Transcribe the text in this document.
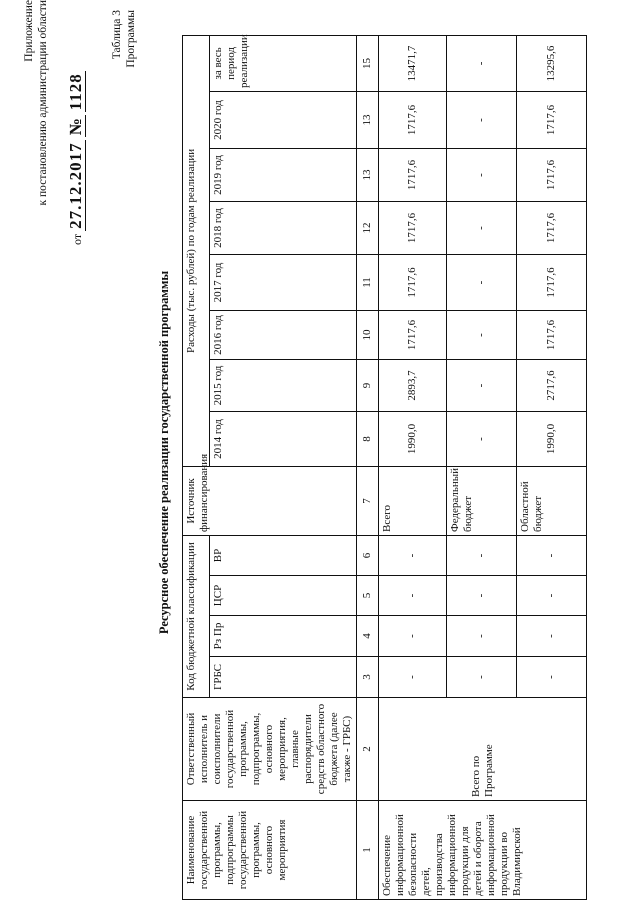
Приложение к постановлению администрации области
от 27.12.2017 № 1128
Таблица 3 Программы
Ресурсное обеспечение реализации государственной программы
Наименование государственной программы, подпрограммы государственной программы, основного мероприятия	Ответственный исполнитель и соисполнители государственной программы, подпрограммы, основного мероприятия, главные распорядители средств областного бюджета (далее также - ГРБС)	Код бюджетной классификации				Источник финансирования	Расходы (тыс. рублей) по годам реализации							
		ГРБС	Рз Пр	ЦСР	ВР		2014 год	2015 год	2016 год	2017 год	2018 год	2019 год	2020 год	за весь период реализации

1	2	3	4	5	6	7	8	9	10	11	12	13	13	15
Обеспечение информационной безопасности детей, производства информационной продукции для детей и оборота информационной продукции во Владимирской	Всего по Программе	-	-	-	-	Всего	1990,0	2893,7	1717,6	1717,6	1717,6	1717,6	1717,6	13471,7
		-	-	-	-	Федеральный бюджет	-	-	-	-	-	-	-	-
		-	-	-	-	Областной бюджет	1990,0	2717,6	1717,6	1717,6	1717,6	1717,6	1717,6	13295,6
